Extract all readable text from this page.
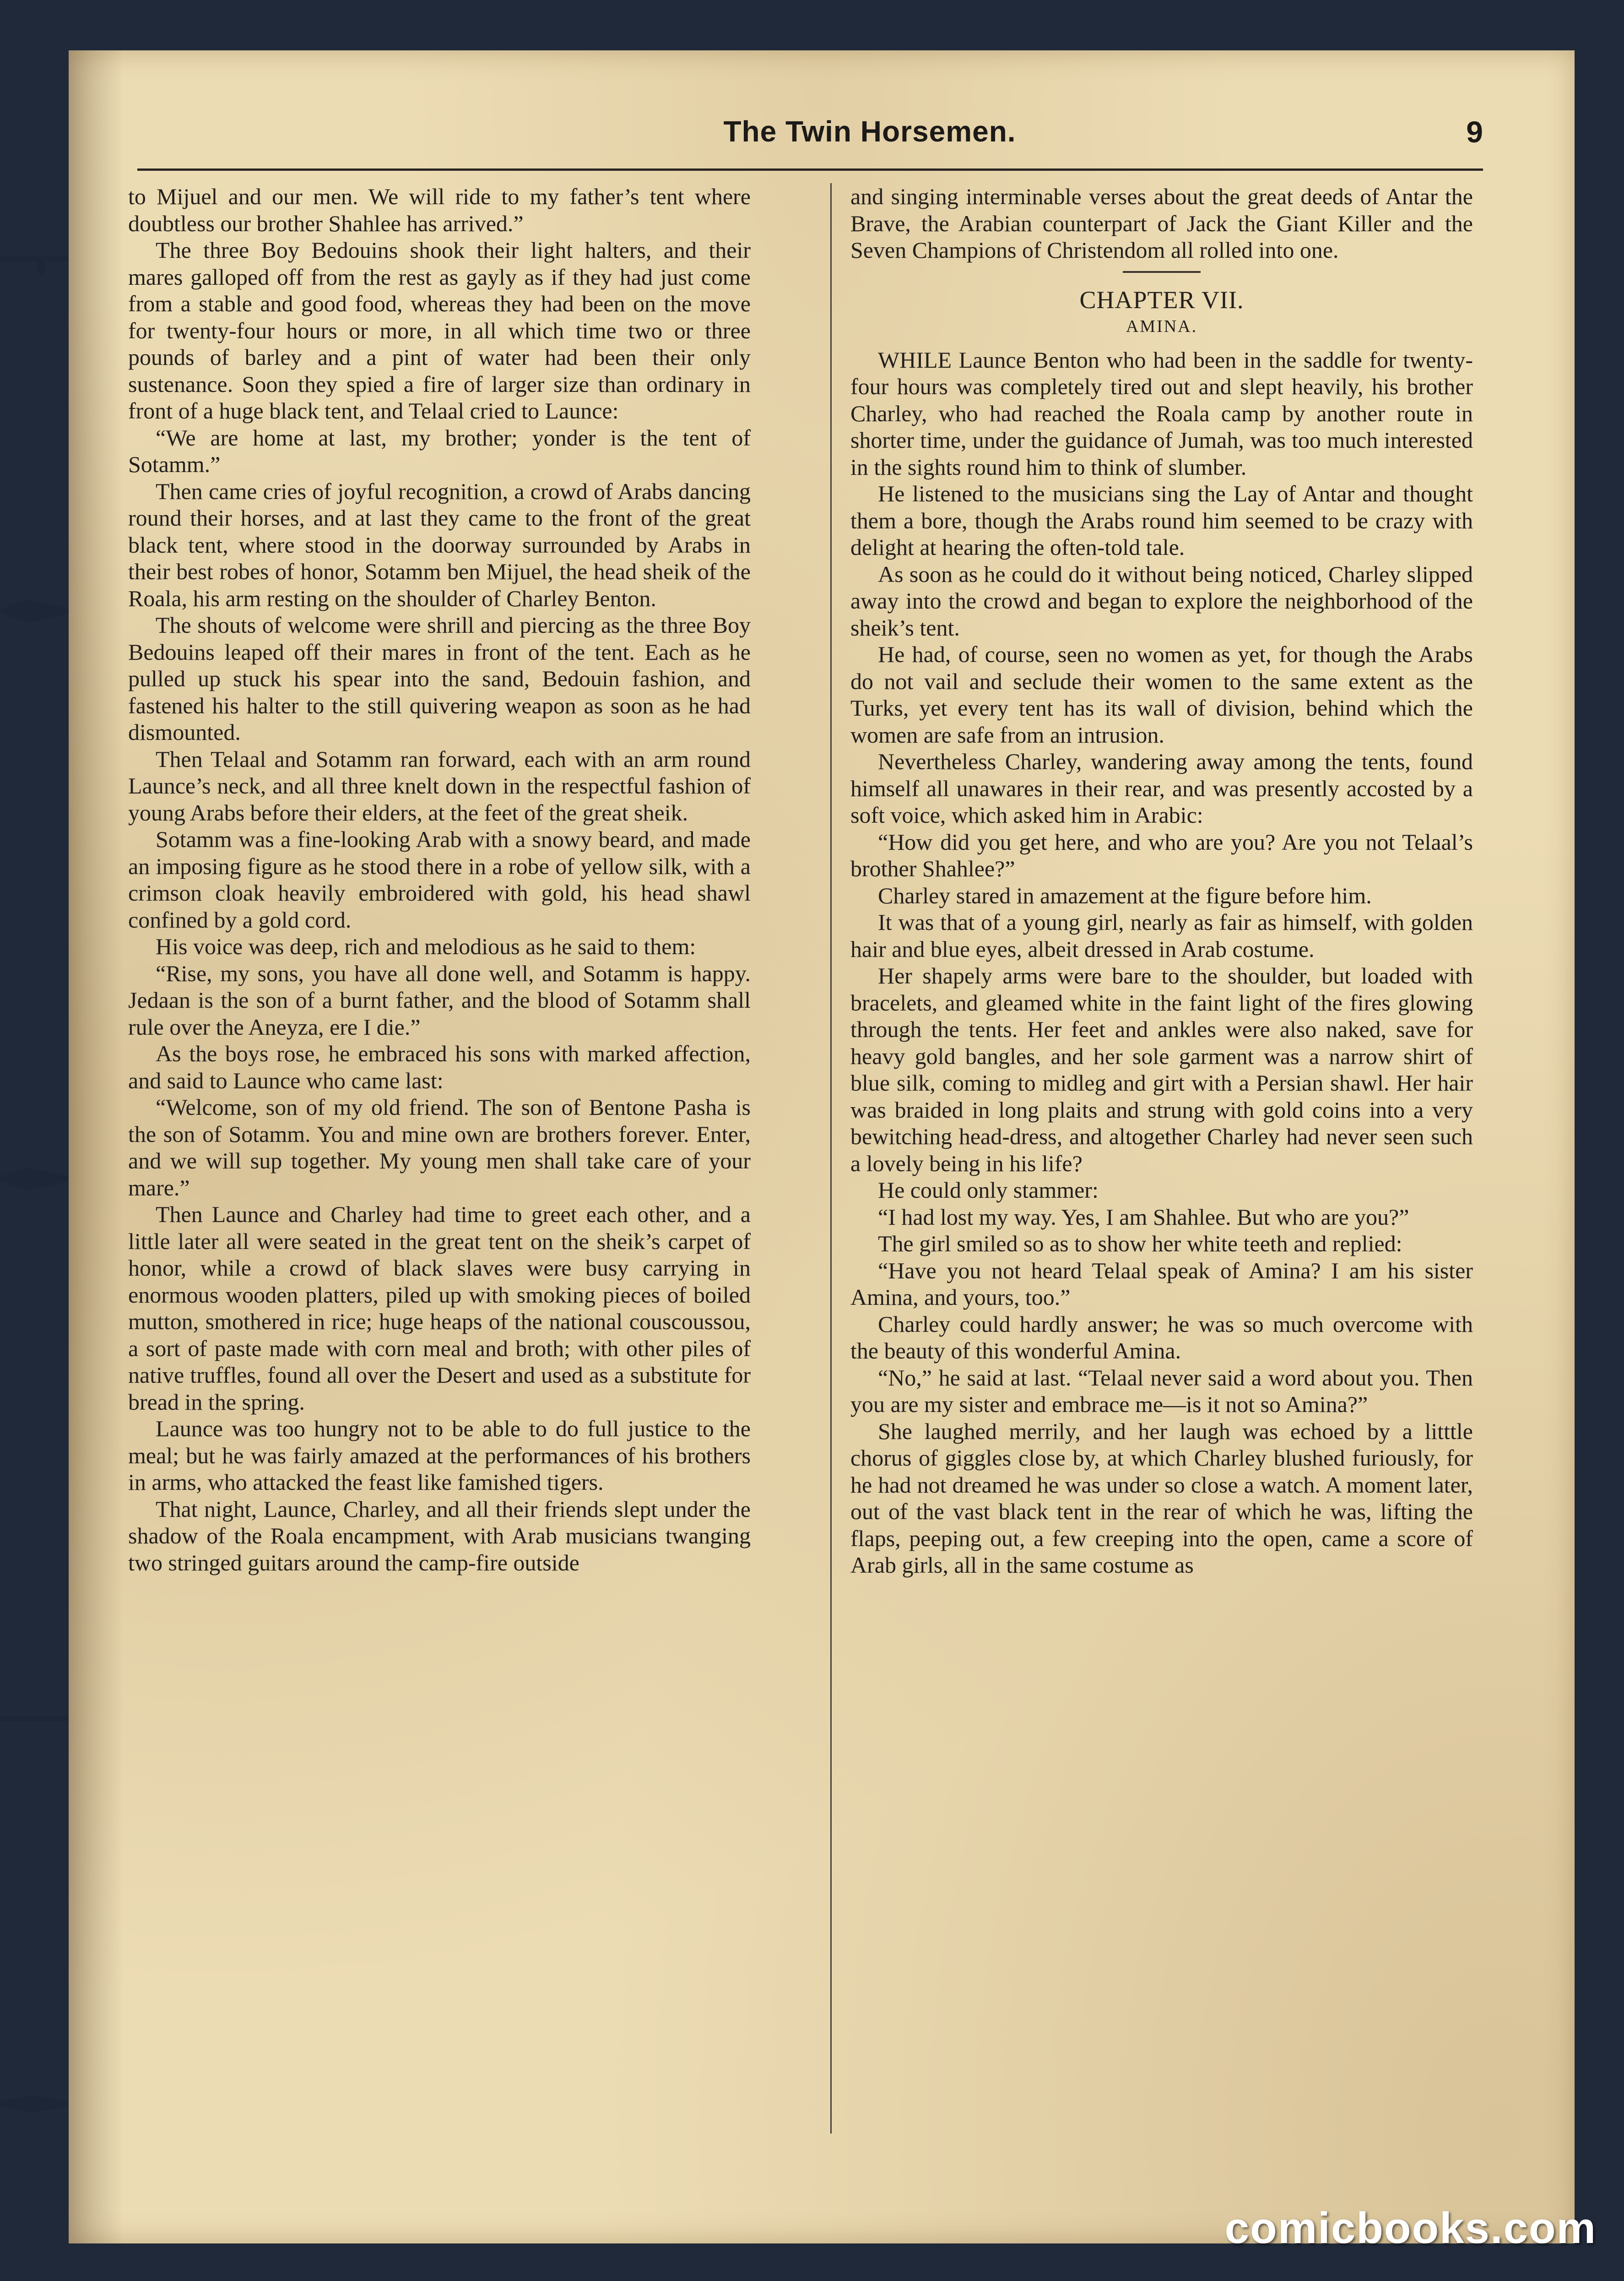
The Twin Horsemen.	9

to Mijuel and our men. We will ride to my father’s tent where doubtless our brother Shahlee has arrived.”

The three Boy Bedouins shook their light halters, and their mares galloped off from the rest as gayly as if they had just come from a stable and good food, whereas they had been on the move for twenty-four hours or more, in all which time two or three pounds of barley and a pint of water had been their only sustenance. Soon they spied a fire of larger size than ordinary in front of a huge black tent, and Telaal cried to Launce:

“We are home at last, my brother; yonder is the tent of Sotamm.”

Then came cries of joyful recognition, a crowd of Arabs dancing round their horses, and at last they came to the front of the great black tent, where stood in the doorway surrounded by Arabs in their best robes of honor, Sotamm ben Mijuel, the head sheik of the Roala, his arm resting on the shoulder of Charley Benton.

The shouts of welcome were shrill and piercing as the three Boy Bedouins leaped off their mares in front of the tent. Each as he pulled up stuck his spear into the sand, Bedouin fashion, and fastened his halter to the still quivering weapon as soon as he had dismounted.

Then Telaal and Sotamm ran forward, each with an arm round Launce’s neck, and all three knelt down in the respectful fashion of young Arabs before their elders, at the feet of the great sheik.

Sotamm was a fine-looking Arab with a snowy beard, and made an imposing figure as he stood there in a robe of yellow silk, with a crimson cloak heavily embroidered with gold, his head shawl confined by a gold cord.

His voice was deep, rich and melodious as he said to them:

“Rise, my sons, you have all done well, and Sotamm is happy. Jedaan is the son of a burnt father, and the blood of Sotamm shall rule over the Aneyza, ere I die.”

As the boys rose, he embraced his sons with marked affection, and said to Launce who came last:

“Welcome, son of my old friend. The son of Bentone Pasha is the son of Sotamm. You and mine own are brothers forever. Enter, and we will sup together. My young men shall take care of your mare.”

Then Launce and Charley had time to greet each other, and a little later all were seated in the great tent on the sheik’s carpet of honor, while a crowd of black slaves were busy carrying in enormous wooden platters, piled up with smoking pieces of boiled mutton, smothered in rice; huge heaps of the national couscoussou, a sort of paste made with corn meal and broth; with other piles of native truffles, found all over the Desert and used as a substitute for bread in the spring.

Launce was too hungry not to be able to do full justice to the meal; but he was fairly amazed at the performances of his brothers in arms, who attacked the feast like famished tigers.

That night, Launce, Charley, and all their friends slept under the shadow of the Roala encampment, with Arab musicians twanging two stringed guitars around the camp-fire outside

and singing interminable verses about the great deeds of Antar the Brave, the Arabian counterpart of Jack the Giant Killer and the Seven Champions of Christendom all rolled into one.

CHAPTER VII.
AMINA.

WHILE Launce Benton who had been in the saddle for twenty-four hours was completely tired out and slept heavily, his brother Charley, who had reached the Roala camp by another route in shorter time, under the guidance of Jumah, was too much interested in the sights round him to think of slumber.

He listened to the musicians sing the Lay of Antar and thought them a bore, though the Arabs round him seemed to be crazy with delight at hearing the often-told tale.

As soon as he could do it without being noticed, Charley slipped away into the crowd and began to explore the neighborhood of the sheik’s tent.

He had, of course, seen no women as yet, for though the Arabs do not vail and seclude their women to the same extent as the Turks, yet every tent has its wall of division, behind which the women are safe from an intrusion.

Nevertheless Charley, wandering away among the tents, found himself all unawares in their rear, and was presently accosted by a soft voice, which asked him in Arabic:

“How did you get here, and who are you? Are you not Telaal’s brother Shahlee?”

Charley stared in amazement at the figure before him.

It was that of a young girl, nearly as fair as himself, with golden hair and blue eyes, albeit dressed in Arab costume.

Her shapely arms were bare to the shoulder, but loaded with bracelets, and gleamed white in the faint light of the fires glowing through the tents. Her feet and ankles were also naked, save for heavy gold bangles, and her sole garment was a narrow shirt of blue silk, coming to midleg and girt with a Persian shawl. Her hair was braided in long plaits and strung with gold coins into a very bewitching head-dress, and altogether Charley had never seen such a lovely being in his life?

He could only stammer:

“I had lost my way. Yes, I am Shahlee. But who are you?”

The girl smiled so as to show her white teeth and replied:

“Have you not heard Telaal speak of Amina? I am his sister Amina, and yours, too.”

Charley could hardly answer; he was so much overcome with the beauty of this wonderful Amina.

“No,” he said at last. “Telaal never said a word about you. Then you are my sister and embrace me—is it not so Amina?”

She laughed merrily, and her laugh was echoed by a litttle chorus of giggles close by, at which Charley blushed furiously, for he had not dreamed he was under so close a watch. A moment later, out of the vast black tent in the rear of which he was, lifting the flaps, peeping out, a few creeping into the open, came a score of Arab girls, all in the same costume as

comicbooks.com
